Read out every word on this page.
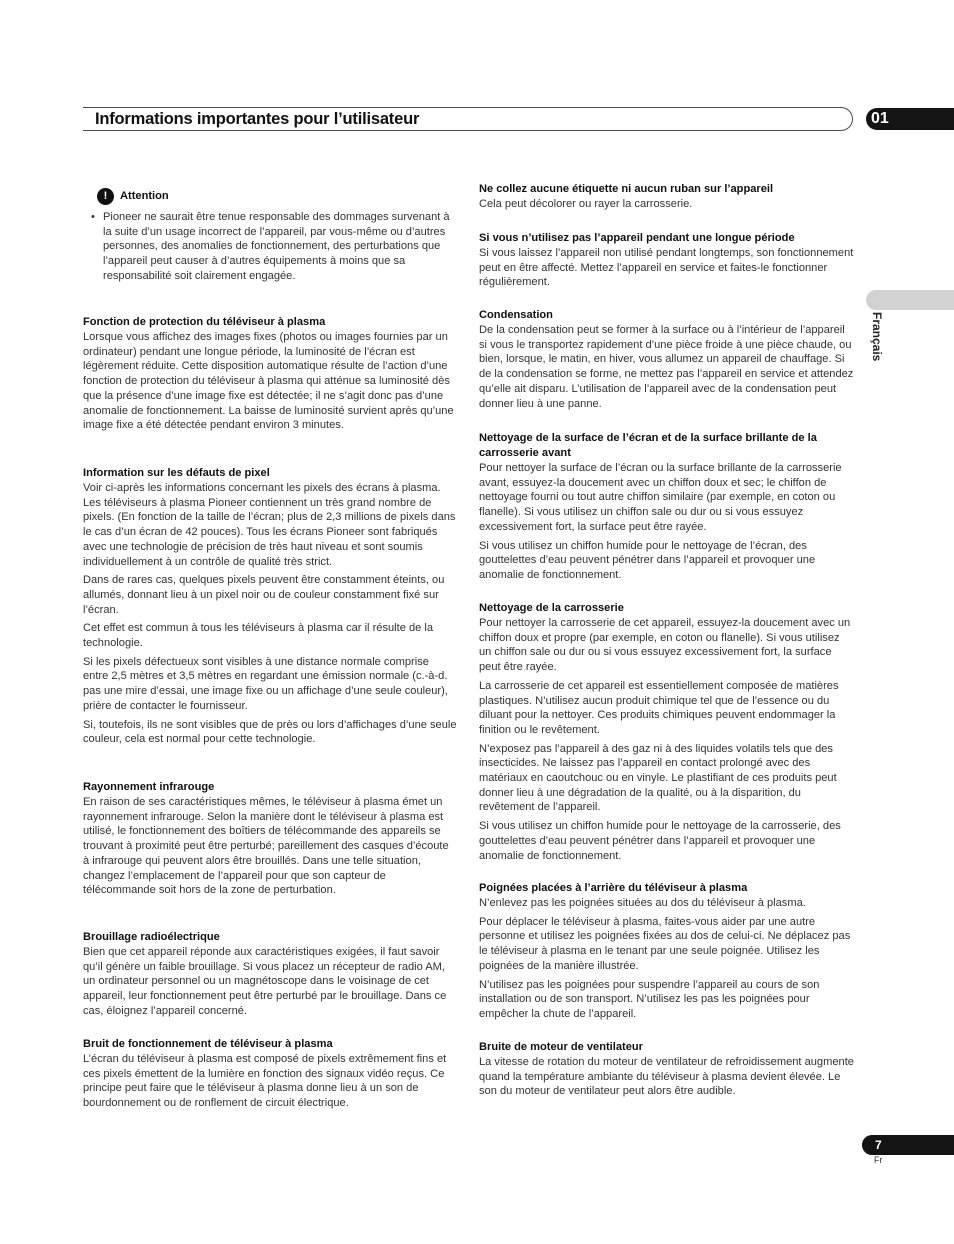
Informations importantes pour l’utilisateur	01
Français
!	Attention
• Pioneer ne saurait être tenue responsable des dommages survenant à la suite d’un usage incorrect de l’appareil, par vous-même ou d’autres personnes, des anomalies de fonctionnement, des perturbations que l’appareil peut causer à d’autres équipements à moins que sa responsabilité soit clairement engagée.

Fonction de protection du téléviseur à plasma

Lorsque vous affichez des images fixes (photos ou images fournies par un ordinateur) pendant une longue période, la luminosité de l’écran est légèrement réduite. Cette disposition automatique résulte de l’action d’une fonction de protection du téléviseur à plasma qui atténue sa luminosité dès que la présence d’une image fixe est détectée; il ne s’agit donc pas d’une anomalie de fonctionnement. La baisse de luminosité survient après qu’une image fixe a été détectée pendant environ 3 minutes.

Information sur les défauts de pixel

Voir ci-après les informations concernant les pixels des écrans à plasma. Les téléviseurs à plasma Pioneer contiennent un très grand nombre de pixels. (En fonction de la taille de l’écran; plus de 2,3 millions de pixels dans le cas d’un écran de 42 pouces). Tous les écrans Pioneer sont fabriqués avec une technologie de précision de très haut niveau et sont soumis individuellement à un contrôle de qualité très strict.

Dans de rares cas, quelques pixels peuvent être constamment éteints, ou allumés, donnant lieu à un pixel noir ou de couleur constamment fixé sur l’écran.

Cet effet est commun à tous les téléviseurs à plasma car il résulte de la technologie.

Si les pixels défectueux sont visibles à une distance normale comprise entre 2,5 mètres et 3,5 mètres en regardant une émission normale (c.-à-d. pas une mire d’essai, une image fixe ou un affichage d’une seule couleur), prière de contacter le fournisseur.

Si, toutefois, ils ne sont visibles que de près ou lors d’affichages d’une seule couleur, cela est normal pour cette technologie.

Rayonnement infrarouge

En raison de ses caractéristiques mêmes, le téléviseur à plasma émet un rayonnement infrarouge. Selon la manière dont le téléviseur à plasma est utilisé, le fonctionnement des boîtiers de télécommande des appareils se trouvant à proximité peut être perturbé; pareillement des casques d’écoute à infrarouge qui peuvent alors être brouillés. Dans une telle situation, changez l’emplacement de l’appareil pour que son capteur de télécommande soit hors de la zone de perturbation.

Brouillage radioélectrique

Bien que cet appareil réponde aux caractéristiques exigées, il faut savoir qu’il génère un faible brouillage. Si vous placez un récepteur de radio AM, un ordinateur personnel ou un magnétoscope dans le voisinage de cet appareil, leur fonctionnement peut être perturbé par le brouillage. Dans ce cas, éloignez l’appareil concerné.

Bruit de fonctionnement de téléviseur à plasma

L’écran du téléviseur à plasma est composé de pixels extrêmement fins et ces pixels émettent de la lumière en fonction des signaux vidéo reçus. Ce principe peut faire que le téléviseur à plasma donne lieu à un son de bourdonnement ou de ronflement de circuit électrique.

Ne collez aucune étiquette ni aucun ruban sur l’appareil

Cela peut décolorer ou rayer la carrosserie.

Si vous n’utilisez pas l’appareil pendant une longue période

Si vous laissez l’appareil non utilisé pendant longtemps, son fonctionnement peut en être affecté. Mettez l’appareil en service et faites-le fonctionner régulièrement.

Condensation

De la condensation peut se former à la surface ou à l’intérieur de l’appareil si vous le transportez rapidement d’une pièce froide à une pièce chaude, ou bien, lorsque, le matin, en hiver, vous allumez un appareil de chauffage. Si de la condensation se forme, ne mettez pas l’appareil en service et attendez qu’elle ait disparu. L’utilisation de l’appareil avec de la condensation peut donner lieu à une panne.

Nettoyage de la surface de l’écran et de la surface brillante de la carrosserie avant

Pour nettoyer la surface de l’écran ou la surface brillante de la carrosserie avant, essuyez-la doucement avec un chiffon doux et sec; le chiffon de nettoyage fourni ou tout autre chiffon similaire (par exemple, en coton ou flanelle). Si vous utilisez un chiffon sale ou dur ou si vous essuyez excessivement fort, la surface peut être rayée.

Si vous utilisez un chiffon humide pour le nettoyage de l’écran, des gouttelettes d’eau peuvent pénétrer dans l’appareil et provoquer une anomalie de fonctionnement.

Nettoyage de la carrosserie

Pour nettoyer la carrosserie de cet appareil, essuyez-la doucement avec un chiffon doux et propre (par exemple, en coton ou flanelle). Si vous utilisez un chiffon sale ou dur ou si vous essuyez excessivement fort, la surface peut être rayée.

La carrosserie de cet appareil est essentiellement composée de matières plastiques. N’utilisez aucun produit chimique tel que de l’essence ou du diluant pour la nettoyer. Ces produits chimiques peuvent endommager la finition ou le revêtement.

N’exposez pas l’appareil à des gaz ni à des liquides volatils tels que des insecticides. Ne laissez pas l’appareil en contact prolongé avec des matériaux en caoutchouc ou en vinyle. Le plastifiant de ces produits peut donner lieu à une dégradation de la qualité, ou à la disparition, du revêtement de l’appareil.

Si vous utilisez un chiffon humide pour le nettoyage de la carrosserie, des gouttelettes d’eau peuvent pénétrer dans l’appareil et provoquer une anomalie de fonctionnement.

Poignées placées à l’arrière du téléviseur à plasma

N’enlevez pas les poignées situées au dos du téléviseur à plasma.

Pour déplacer le téléviseur à plasma, faites-vous aider par une autre personne et utilisez les poignées fixées au dos de celui-ci. Ne déplacez pas le téléviseur à plasma en le tenant par une seule poignée. Utilisez les poignées de la manière illustrée.

N’utilisez pas les poignées pour suspendre l’appareil au cours de son installation ou de son transport. N’utilisez les pas les poignées pour empêcher la chute de l’appareil.

Bruite de moteur de ventilateur

La vitesse de rotation du moteur de ventilateur de refroidissement augmente quand la température ambiante du téléviseur à plasma devient élevée. Le son du moteur de ventilateur peut alors être audible.

7
Fr
